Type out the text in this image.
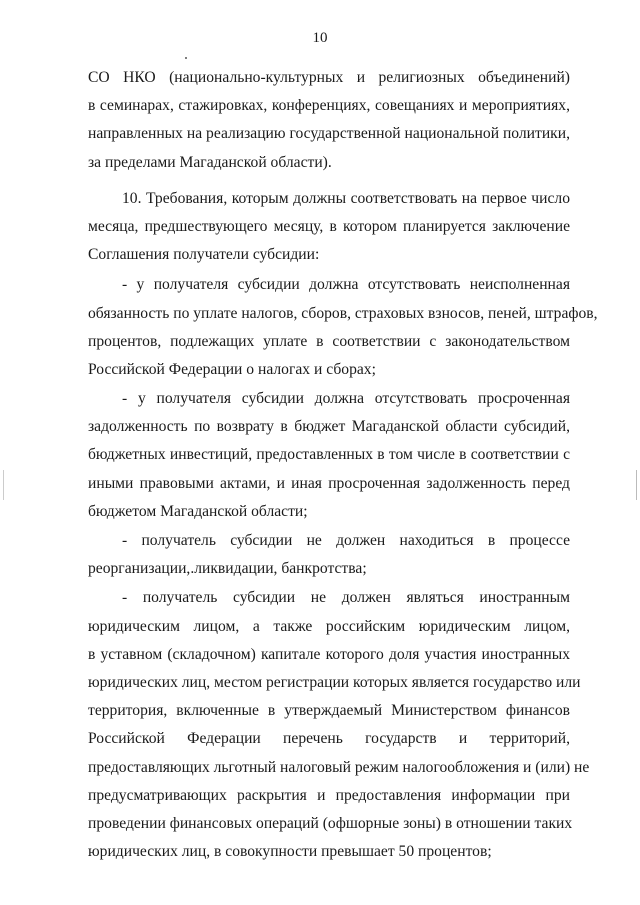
10
СО НКО (национально-культурных и религиозных объединений)
в семинарах, стажировках, конференциях, совещаниях и мероприятиях,
направленных на реализацию государственной национальной политики,
за пределами Магаданской области).
10. Требования, которым должны соответствовать на первое число
месяца, предшествующего месяцу, в котором планируется заключение
Соглашения получатели субсидии:
- у получателя субсидии должна отсутствовать неисполненная
обязанность по уплате налогов, сборов, страховых взносов, пеней, штрафов,
процентов, подлежащих уплате в соответствии с законодательством
Российской Федерации о налогах и сборах;
- у получателя субсидии должна отсутствовать просроченная
задолженность по возврату в бюджет Магаданской области субсидий,
бюджетных инвестиций, предоставленных в том числе в соответствии с
иными правовыми актами, и иная просроченная задолженность перед
бюджетом Магаданской области;
- получатель субсидии не должен находиться в процессе
реорганизации,.ликвидации, банкротства;
- получатель субсидии не должен являться иностранным
юридическим лицом, а также российским юридическим лицом,
в уставном (складочном) капитале которого доля участия иностранных
юридических лиц, местом регистрации которых является государство или
территория, включенные в утверждаемый Министерством финансов
Российской Федерации перечень государств и территорий,
предоставляющих льготный налоговый режим налогообложения и (или) не
предусматривающих раскрытия и предоставления информации при
проведении финансовых операций (офшорные зоны) в отношении таких
юридических лиц, в совокупности превышает 50 процентов;
